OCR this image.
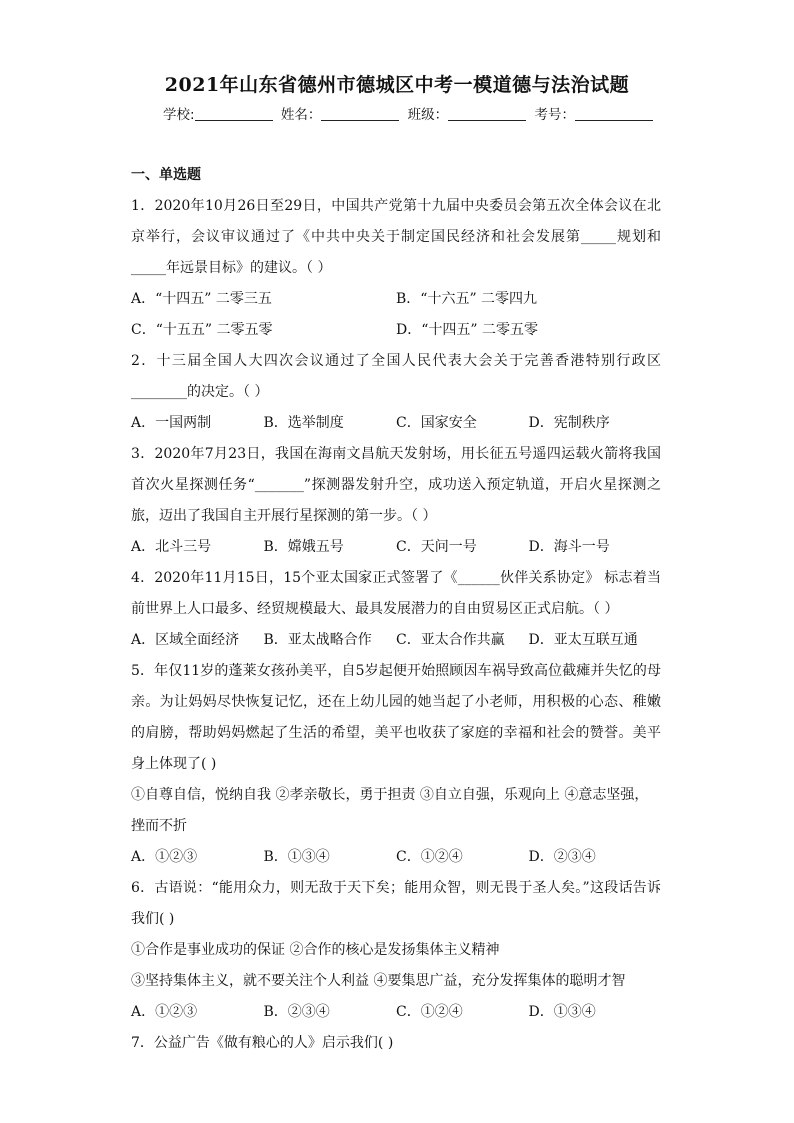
2021年山东省德州市德城区中考一模道德与法治试题
学校:	姓名：	班级：	考号：
一、单选题
1．2020年10月26日至29日，中国共产党第十九届中央委员会第五次全体会议在北京举行，会议审议通过了《中共中央关于制定国民经济和社会发展第_____规划和_____年远景目标》的建议。（ ）
A．“十四五” 二零三五	B．“十六五” 二零四九
C．“十五五” 二零五零	D．“十四五” 二零五零
2．十三届全国人大四次会议通过了全国人民代表大会关于完善香港特别行政区________的决定。（ ）
A．一国两制	B．选举制度	C．国家安全	D．宪制秩序
3．2020年7月23日，我国在海南文昌航天发射场，用长征五号遥四运载火箭将我国首次火星探测任务“_______”探测器发射升空，成功送入预定轨道，开启火星探测之旅，迈出了我国自主开展行星探测的第一步。（ ）
A．北斗三号	B．嫦娥五号	C．天问一号	D．海斗一号
4．2020年11月15日，15个亚太国家正式签署了《______伙伴关系协定》 标志着当前世界上人口最多、经贸规模最大、最具发展潜力的自由贸易区正式启航。（ ）
A．区域全面经济	B．亚太战略合作	C．亚太合作共赢	D．亚太互联互通
5．年仅11岁的蓬莱女孩孙美平，自5岁起便开始照顾因车祸导致高位截瘫并失忆的母亲。为让妈妈尽快恢复记忆，还在上幼儿园的她当起了小老师，用积极的心态、稚嫩的肩膀，帮助妈妈燃起了生活的希望，美平也收获了家庭的幸福和社会的赞誉。美平身上体现了( )
①自尊自信，悦纳自我 ②孝亲敬长，勇于担责 ③自立自强，乐观向上 ④意志坚强，挫而不折
A．①②③	B．①③④	C．①②④	D．②③④
6．古语说：“能用众力，则无敌于天下矣；能用众智，则无畏于圣人矣。”这段话告诉我们( )
①合作是事业成功的保证 ②合作的核心是发扬集体主义精神
③坚持集体主义，就不要关注个人利益 ④要集思广益，充分发挥集体的聪明才智
A．①②③	B．②③④	C．①②④	D．①③④
7．公益广告《做有粮心的人》启示我们( )
